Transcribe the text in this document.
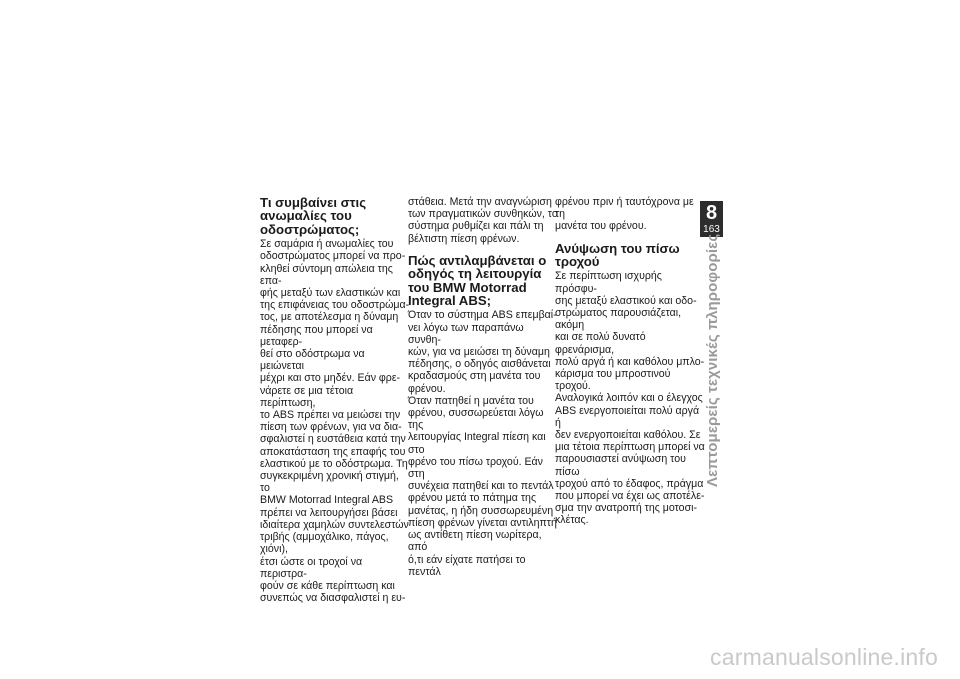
Τι συμβαίνει στις ανωμαλίες του οδοστρώματος;

Σε σαμάρια ή ανωμαλίες του
οδοστρώματος μπορεί να προ-
κληθεί σύντομη απώλεια της επα-
φής μεταξύ των ελαστικών και
της επιφάνειας του οδοστρώμα-
τος, με αποτέλεσμα η δύναμη
πέδησης που μπορεί να μεταφερ-
θεί στο οδόστρωμα να μειώνεται
μέχρι και στο μηδέν. Εάν φρε-
νάρετε σε μια τέτοια περίπτωση,
το ABS πρέπει να μειώσει την
πίεση των φρένων, για να δια-
σφαλιστεί η ευστάθεια κατά την
αποκατάσταση της επαφής του
ελαστικού με το οδόστρωμα. Τη
συγκεκριμένη χρονική στιγμή, το
BMW Motorrad Integral ABS
πρέπει να λειτουργήσει βάσει
ιδιαίτερα χαμηλών συντελεστών
τριβής (αμμοχάλικο, πάγος, χιόνι),
έτσι ώστε οι τροχοί να περιστρα-
φούν σε κάθε περίπτωση και
συνεπώς να διασφαλιστεί η ευ-

στάθεια. Μετά την αναγνώριση
των πραγματικών συνθηκών, το
σύστημα ρυθμίζει και πάλι τη
βέλτιστη πίεση φρένων.

Πώς αντιλαμβάνεται ο οδηγός τη λειτουργία του BMW Motorrad Integral ABS;

Όταν το σύστημα ABS επεμβαί-
νει λόγω των παραπάνω συνθη-
κών, για να μειώσει τη δύναμη
πέδησης, ο οδηγός αισθάνεται
κραδασμούς στη μανέτα του
φρένου.

Όταν πατηθεί η μανέτα του
φρένου, συσσωρεύεται λόγω της
λειτουργίας Integral πίεση και στο
φρένο του πίσω τροχού. Εάν στη
συνέχεια πατηθεί και το πεντάλ
φρένου μετά το πάτημα της
μανέτας, η ήδη συσσωρευμένη
πίεση φρένων γίνεται αντιληπτή
ως αντίθετη πίεση νωρίτερα, από
ό,τι εάν είχατε πατήσει το πεντάλ

φρένου πριν ή ταυτόχρονα με τη
μανέτα του φρένου.

Ανύψωση του πίσω τροχού

Σε περίπτωση ισχυρής πρόσφυ-
σης μεταξύ ελαστικού και οδο-
στρώματος παρουσιάζεται, ακόμη
και σε πολύ δυνατό φρενάρισμα,
πολύ αργά ή και καθόλου μπλο-
κάρισμα του μπροστινού τροχού.
Αναλογικά λοιπόν και ο έλεγχος
ABS ενεργοποιείται πολύ αργά ή
δεν ενεργοποιείται καθόλου. Σε
μια τέτοια περίπτωση μπορεί να
παρουσιαστεί ανύψωση του πίσω
τροχού από το έδαφος, πράγμα
που μπορεί να έχει ως αποτέλε-
σμα την ανατροπή της μοτοσι-
κλέτας.

8
163
Λεπτομερείς τεχνικές πληροφορίες
carmanualsonline.info
